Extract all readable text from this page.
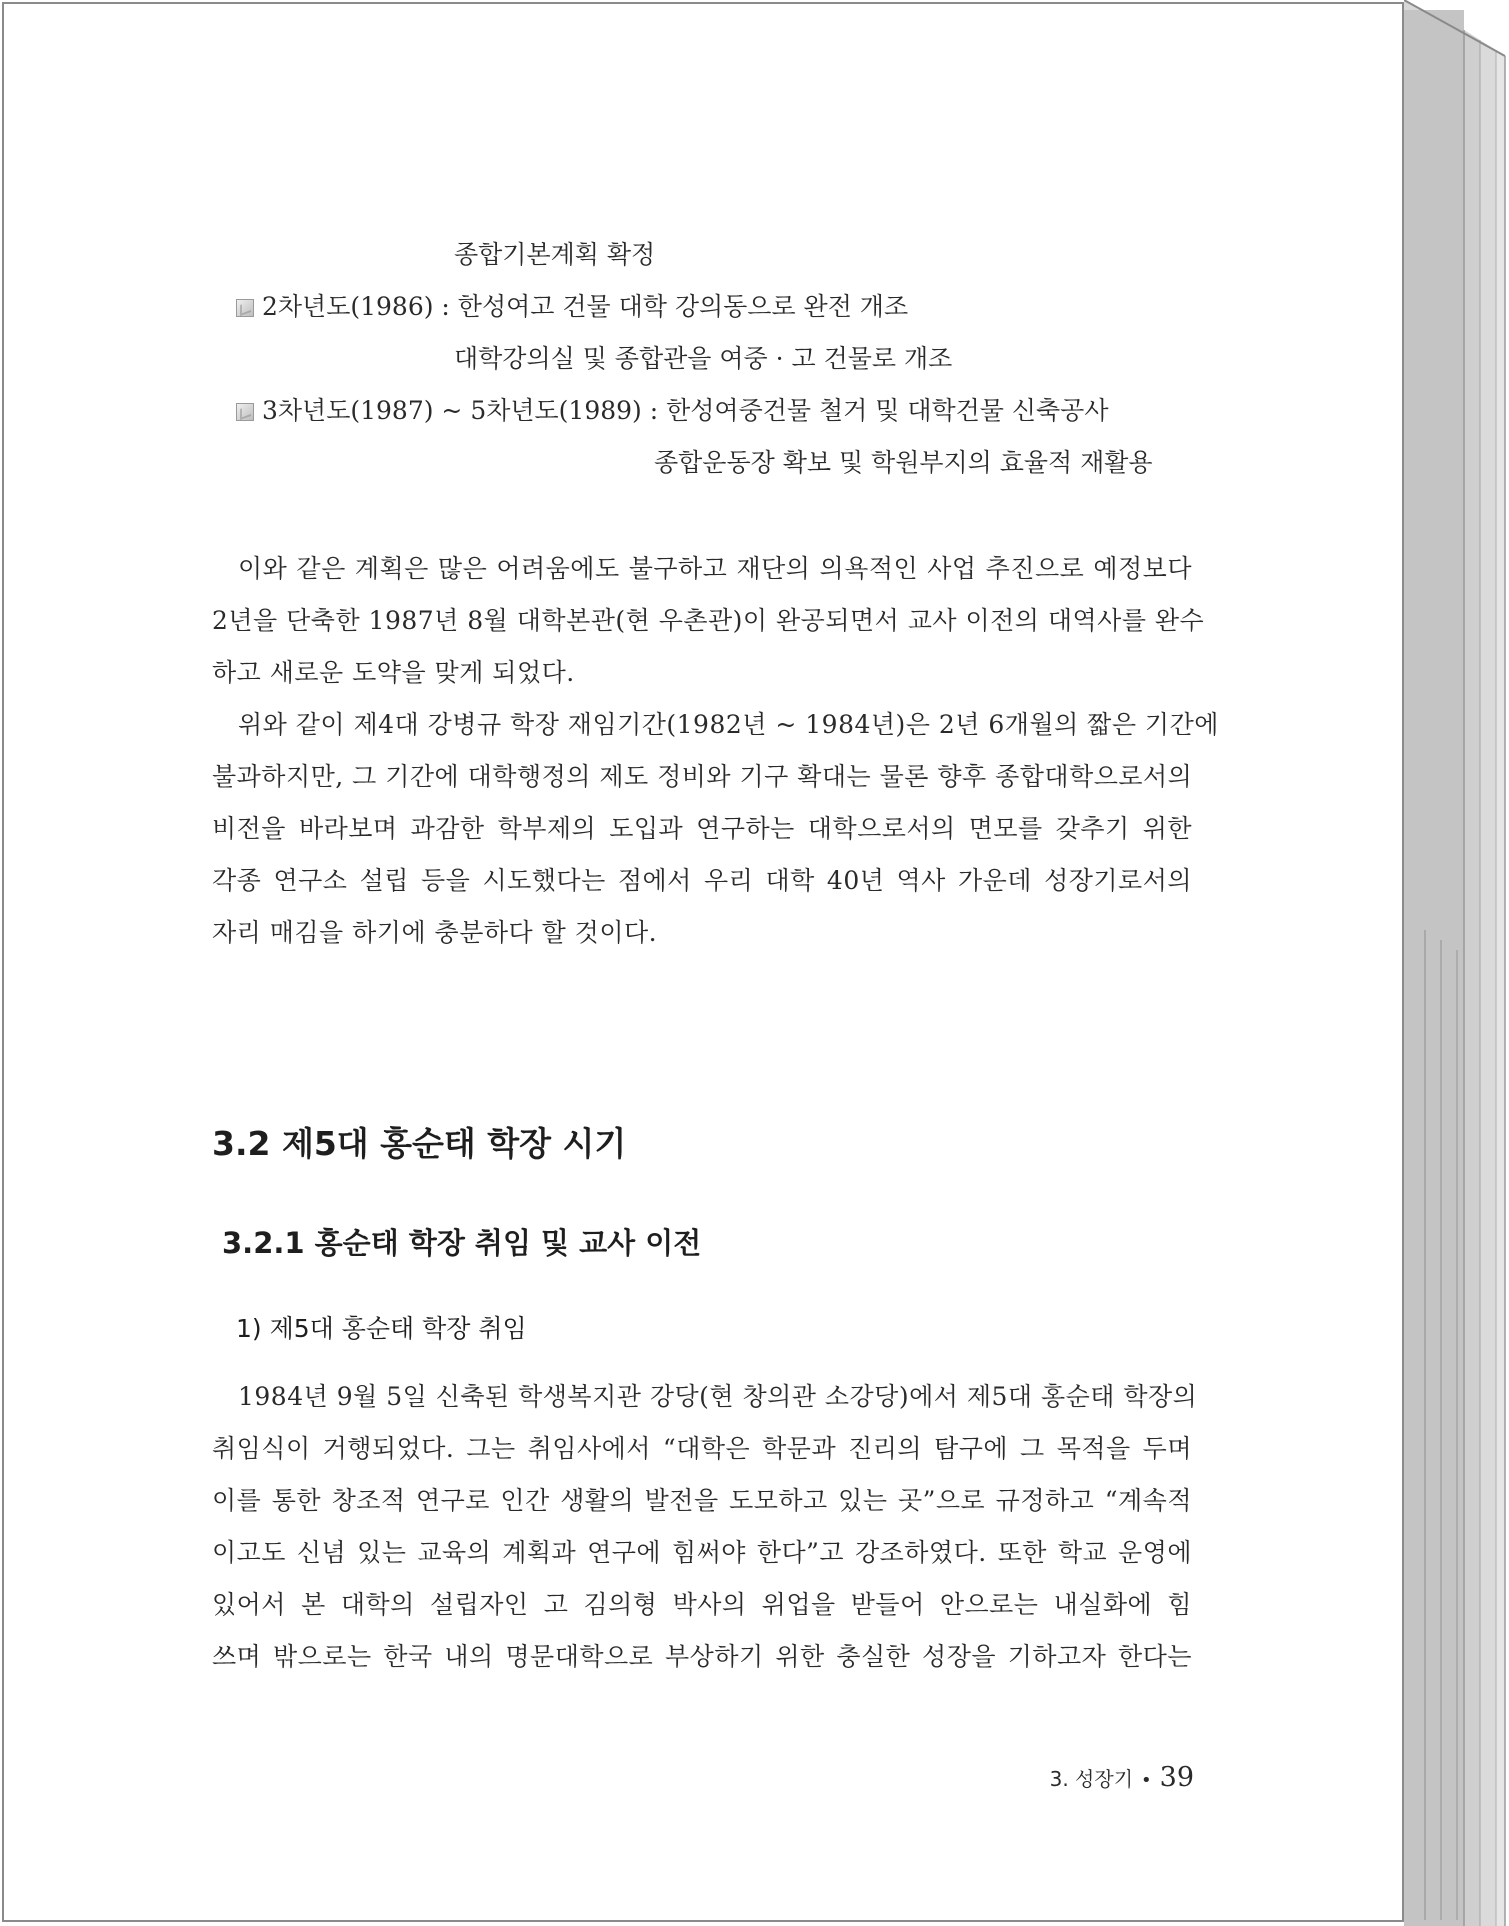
종합기본계획 확정
2차년도(1986) : 한성여고 건물 대학 강의동으로 완전 개조
대학강의실 및 종합관을 여중 · 고 건물로 개조
3차년도(1987) ~ 5차년도(1989) : 한성여중건물 철거 및 대학건물 신축공사
종합운동장 확보 및 학원부지의 효율적 재활용
이와 같은 계획은 많은 어려움에도 불구하고 재단의 의욕적인 사업 추진으로 예정보다
2년을 단축한 1987년 8월 대학본관(현 우촌관)이 완공되면서 교사 이전의 대역사를 완수
하고 새로운 도약을 맞게 되었다.
위와 같이 제4대 강병규 학장 재임기간(1982년 ~ 1984년)은 2년 6개월의 짧은 기간에
불과하지만, 그 기간에 대학행정의 제도 정비와 기구 확대는 물론 향후 종합대학으로서의
비전을 바라보며 과감한 학부제의 도입과 연구하는 대학으로서의 면모를 갖추기 위한
각종 연구소 설립 등을 시도했다는 점에서 우리 대학 40년 역사 가운데 성장기로서의
자리 매김을 하기에 충분하다 할 것이다.
3.2 제5대 홍순태 학장 시기
3.2.1 홍순태 학장 취임 및 교사 이전
1) 제5대 홍순태 학장 취임
1984년 9월 5일 신축된 학생복지관 강당(현 창의관 소강당)에서 제5대 홍순태 학장의
취임식이 거행되었다. 그는 취임사에서 “대학은 학문과 진리의 탐구에 그 목적을 두며
이를 통한 창조적 연구로 인간 생활의 발전을 도모하고 있는 곳”으로 규정하고 “계속적
이고도 신념 있는 교육의 계획과 연구에 힘써야 한다”고 강조하였다. 또한 학교 운영에
있어서 본 대학의 설립자인 고 김의형 박사의 위업을 받들어 안으로는 내실화에 힘
쓰며 밖으로는 한국 내의 명문대학으로 부상하기 위한 충실한 성장을 기하고자 한다는
3. 성장기 • 39
